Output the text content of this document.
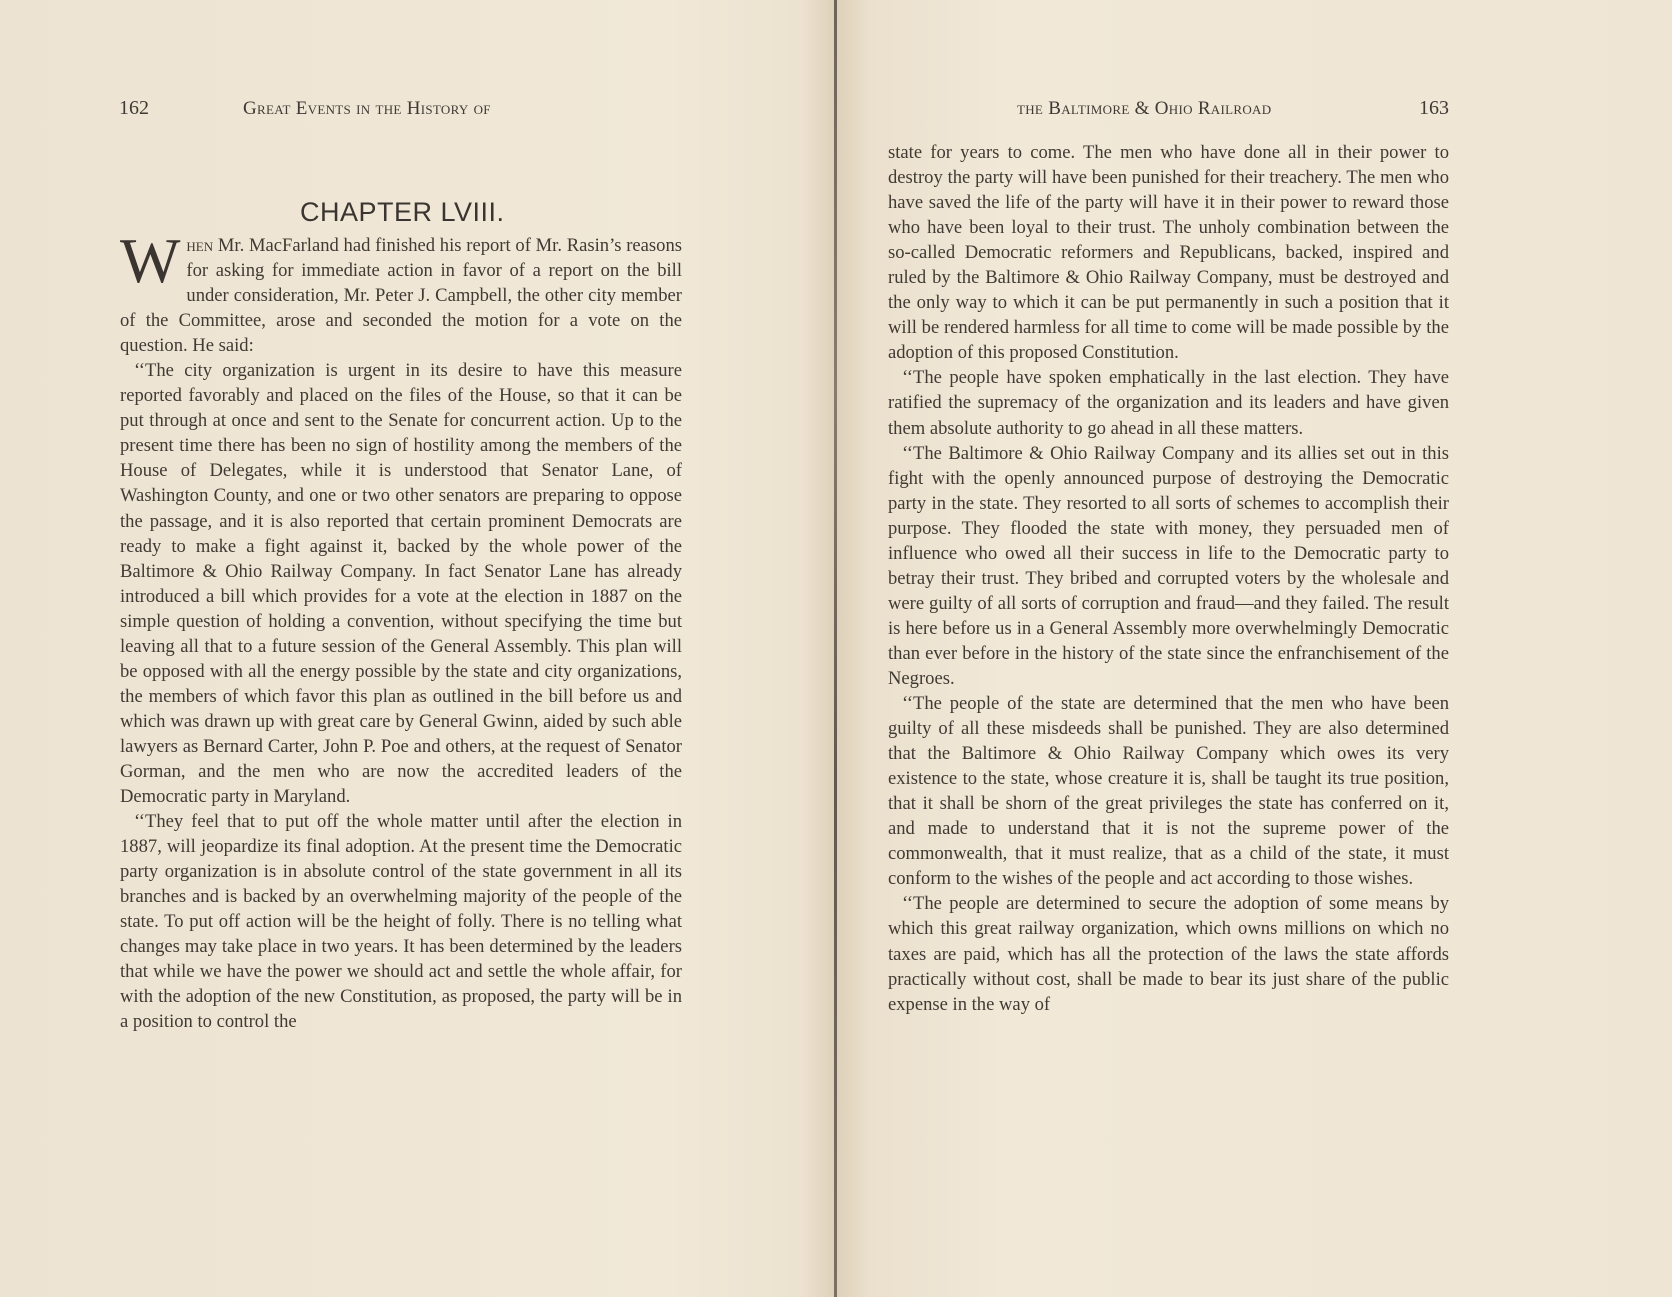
162	Great Events in the History of
CHAPTER LVIII.

When Mr. MacFarland had finished his report of Mr. Rasin’s reasons for asking for immediate action in favor of a report on the bill under consideration, Mr. Peter J. Campbell, the other city member of the Committee, arose and seconded the motion for a vote on the question. He said:

‘‘The city organization is urgent in its desire to have this measure reported favorably and placed on the files of the House, so that it can be put through at once and sent to the Senate for concurrent action. Up to the present time there has been no sign of hostility among the members of the House of Delegates, while it is understood that Senator Lane, of Washington County, and one or two other senators are preparing to oppose the passage, and it is also reported that certain prominent Democrats are ready to make a fight against it, backed by the whole power of the Baltimore & Ohio Railway Company. In fact Senator Lane has already introduced a bill which provides for a vote at the election in 1887 on the simple question of holding a convention, without specifying the time but leaving all that to a future session of the General Assembly. This plan will be opposed with all the energy possible by the state and city organizations, the members of which favor this plan as outlined in the bill before us and which was drawn up with great care by General Gwinn, aided by such able lawyers as Bernard Carter, John P. Poe and others, at the request of Senator Gorman, and the men who are now the accredited leaders of the Democratic party in Maryland.

‘‘They feel that to put off the whole matter until after the election in 1887, will jeopardize its final adoption. At the present time the Democratic party organization is in absolute control of the state government in all its branches and is backed by an overwhelming majority of the people of the state. To put off action will be the height of folly. There is no telling what changes may take place in two years. It has been determined by the leaders that while we have the power we should act and settle the whole affair, for with the adoption of the new Constitution, as proposed, the party will be in a position to control the

the Baltimore & Ohio Railroad	163

state for years to come. The men who have done all in their power to destroy the party will have been punished for their treachery. The men who have saved the life of the party will have it in their power to reward those who have been loyal to their trust. The unholy combination between the so-called Democratic reformers and Republicans, backed, inspired and ruled by the Baltimore & Ohio Railway Company, must be destroyed and the only way to which it can be put permanently in such a position that it will be rendered harmless for all time to come will be made possible by the adoption of this proposed Constitution.

‘‘The people have spoken emphatically in the last election. They have ratified the supremacy of the organization and its leaders and have given them absolute authority to go ahead in all these matters.

‘‘The Baltimore & Ohio Railway Company and its allies set out in this fight with the openly announced purpose of destroying the Democratic party in the state. They resorted to all sorts of schemes to accomplish their purpose. They flooded the state with money, they persuaded men of influence who owed all their success in life to the Democratic party to betray their trust. They bribed and corrupted voters by the wholesale and were guilty of all sorts of corruption and fraud—and they failed. The result is here before us in a General Assembly more overwhelmingly Democratic than ever before in the history of the state since the enfranchisement of the Negroes.

‘‘The people of the state are determined that the men who have been guilty of all these misdeeds shall be punished. They are also determined that the Baltimore & Ohio Railway Company which owes its very existence to the state, whose creature it is, shall be taught its true position, that it shall be shorn of the great privileges the state has conferred on it, and made to understand that it is not the supreme power of the commonwealth, that it must realize, that as a child of the state, it must conform to the wishes of the people and act according to those wishes.

‘‘The people are determined to secure the adoption of some means by which this great railway organization, which owns millions on which no taxes are paid, which has all the protection of the laws the state affords practically without cost, shall be made to bear its just share of the public expense in the way of
